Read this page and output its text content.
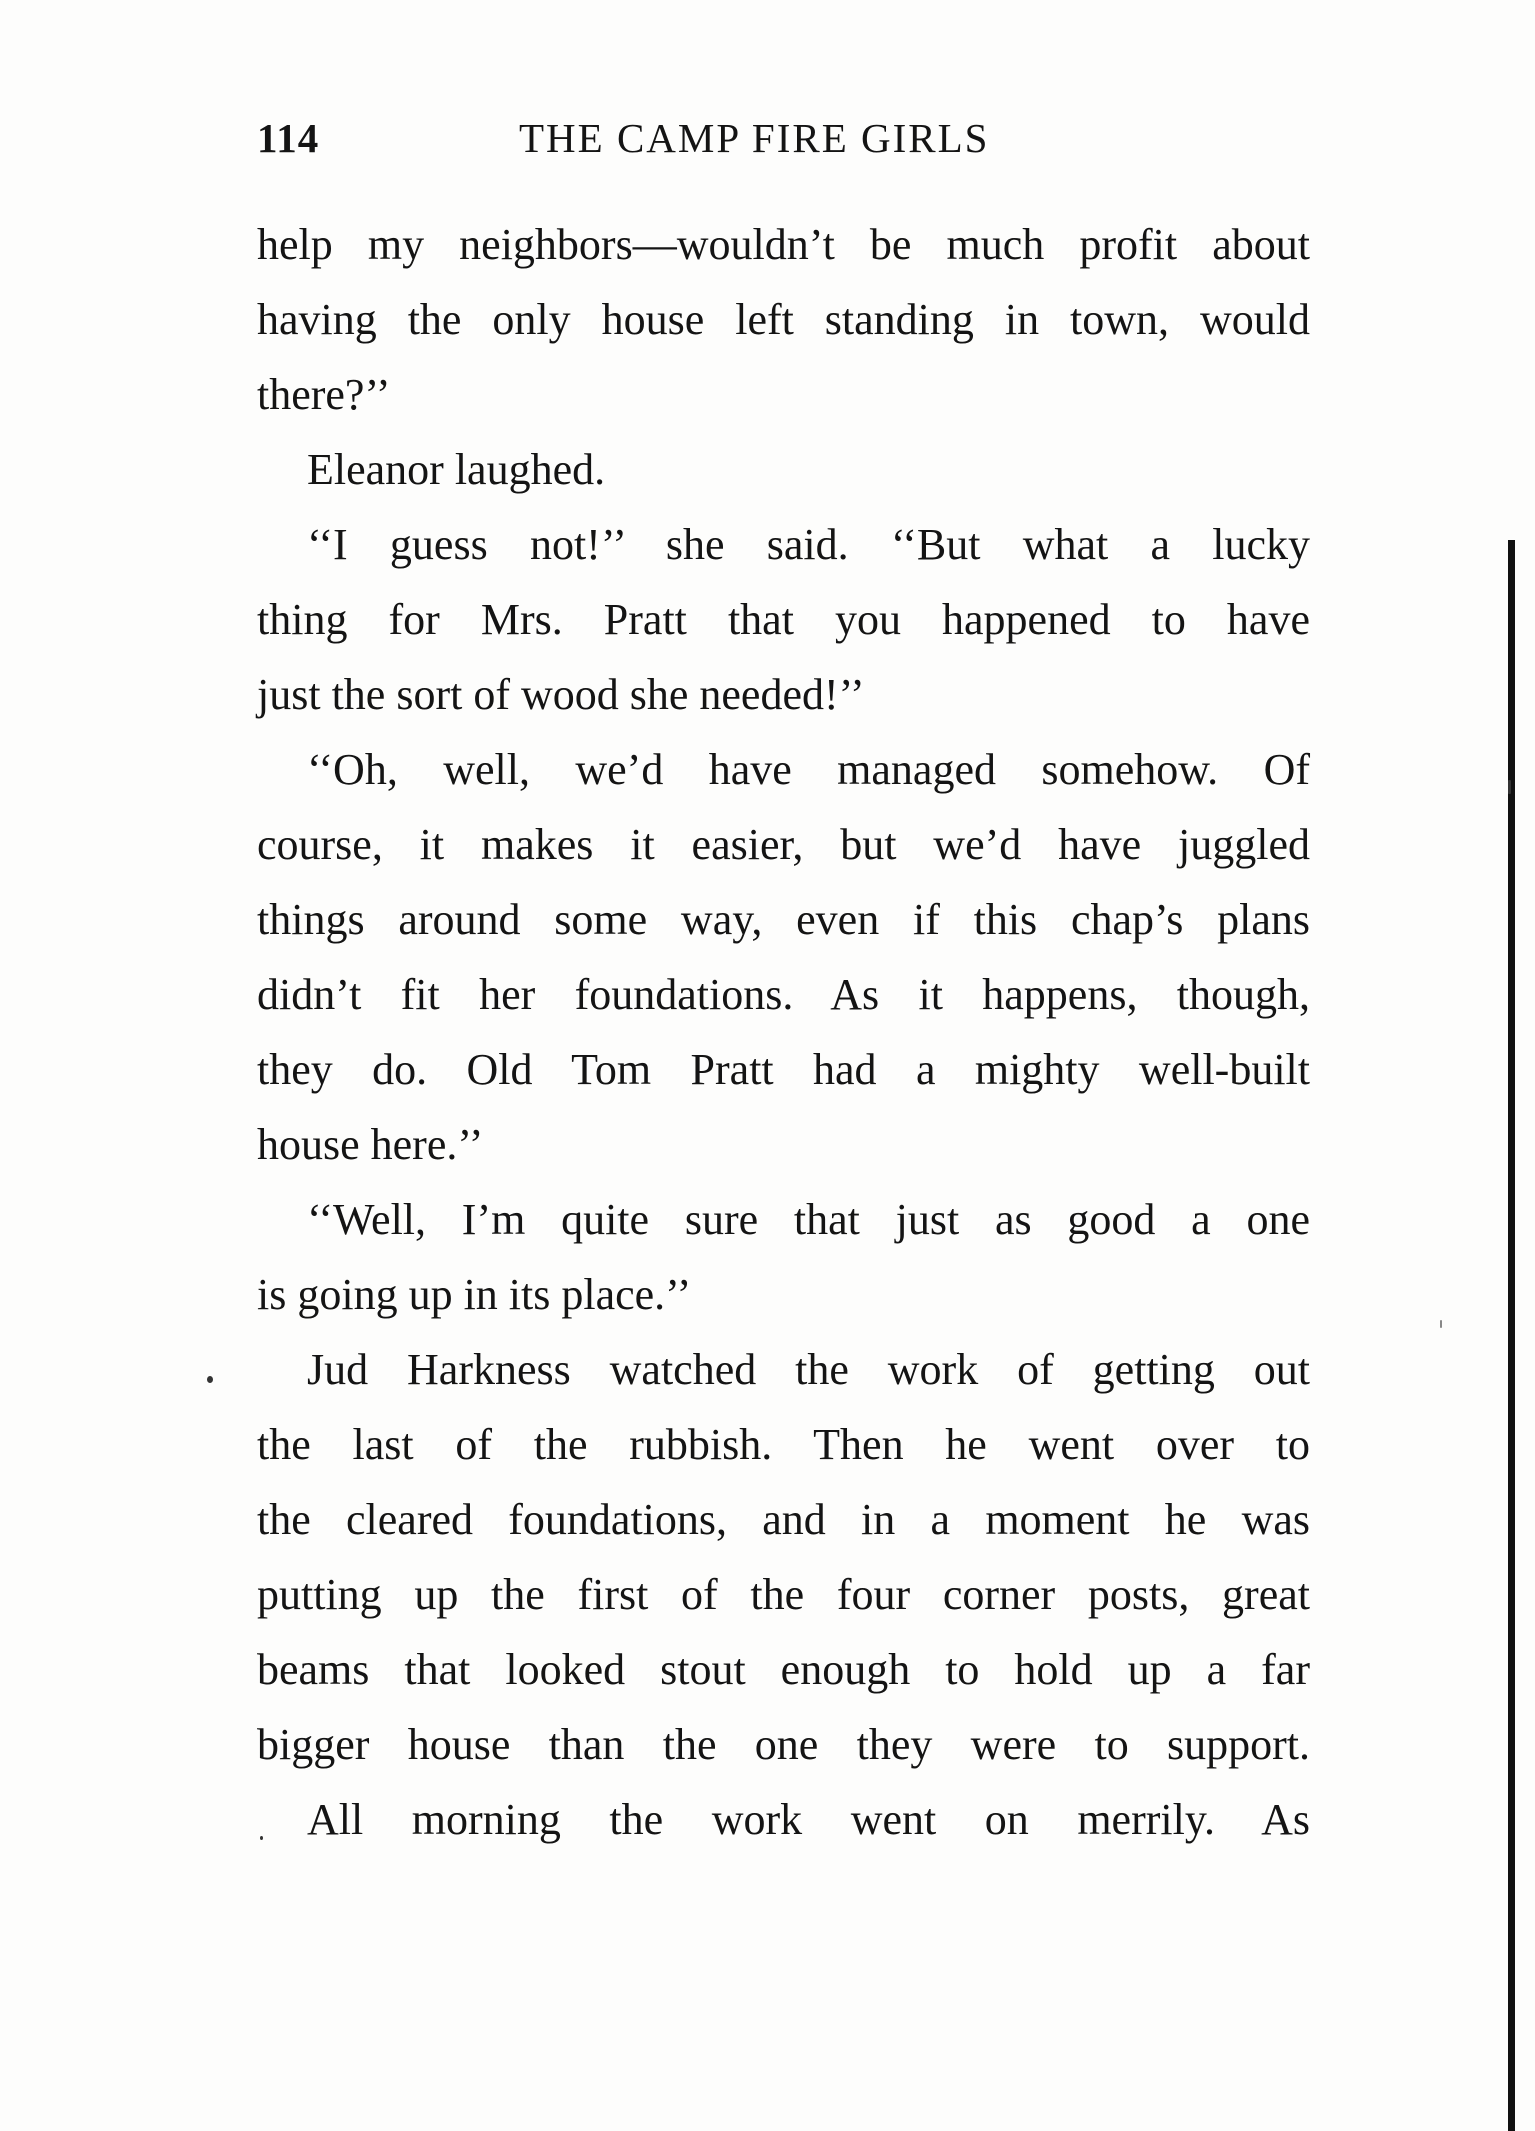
114	THE CAMP FIRE GIRLS
help my neighbors—wouldn’t be much profit about
having the only house left standing in town, would
there?’’
Eleanor laughed.
‘‘I guess not!’’ she said. ‘‘But what a lucky
thing for Mrs. Pratt that you happened to have
just the sort of wood she needed!’’
‘‘Oh, well, we’d have managed somehow. Of
course, it makes it easier, but we’d have juggled
things around some way, even if this chap’s plans
didn’t fit her foundations. As it happens, though,
they do. Old Tom Pratt had a mighty well-built
house here.’’
‘‘Well, I’m quite sure that just as good a one
is going up in its place.’’
Jud Harkness watched the work of getting out
the last of the rubbish. Then he went over to
the cleared foundations, and in a moment he was
putting up the first of the four corner posts, great
beams that looked stout enough to hold up a far
bigger house than the one they were to support.
All morning the work went on merrily. As
